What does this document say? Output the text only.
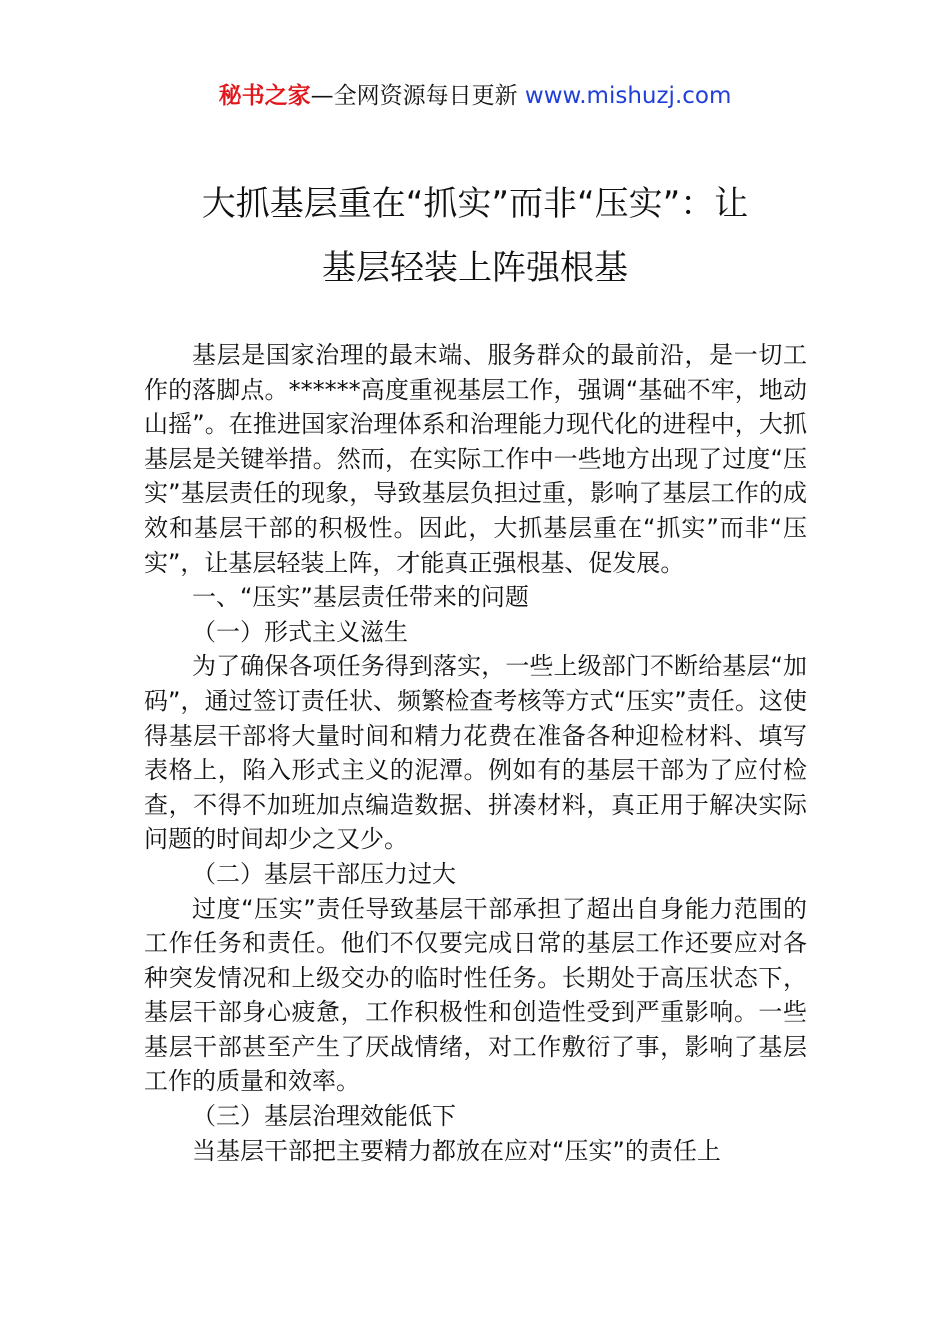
秘书之家—全网资源每日更新 www.mishuzj.com
大抓基层重在“抓实”而非“压实”：让
基层轻装上阵强根基

基层是国家治理的最末端、服务群众的最前沿，是一切工作的落脚点。******高度重视基层工作，强调“基础不牢，地动山摇”。在推进国家治理体系和治理能力现代化的进程中，大抓基层是关键举措。然而，在实际工作中一些地方出现了过度“压实”基层责任的现象，导致基层负担过重，影响了基层工作的成效和基层干部的积极性。因此，大抓基层重在“抓实”而非“压实”，让基层轻装上阵，才能真正强根基、促发展。

一、“压实”基层责任带来的问题

（一）形式主义滋生

为了确保各项任务得到落实，一些上级部门不断给基层“加码”，通过签订责任状、频繁检查考核等方式“压实”责任。这使得基层干部将大量时间和精力花费在准备各种迎检材料、填写表格上，陷入形式主义的泥潭。例如有的基层干部为了应付检查，不得不加班加点编造数据、拼凑材料，真正用于解决实际问题的时间却少之又少。

（二）基层干部压力过大

过度“压实”责任导致基层干部承担了超出自身能力范围的工作任务和责任。他们不仅要完成日常的基层工作还要应对各种突发情况和上级交办的临时性任务。长期处于高压状态下，基层干部身心疲惫，工作积极性和创造性受到严重影响。一些基层干部甚至产生了厌战情绪，对工作敷衍了事，影响了基层工作的质量和效率。

（三）基层治理效能低下

当基层干部把主要精力都放在应对“压实”的责任上
